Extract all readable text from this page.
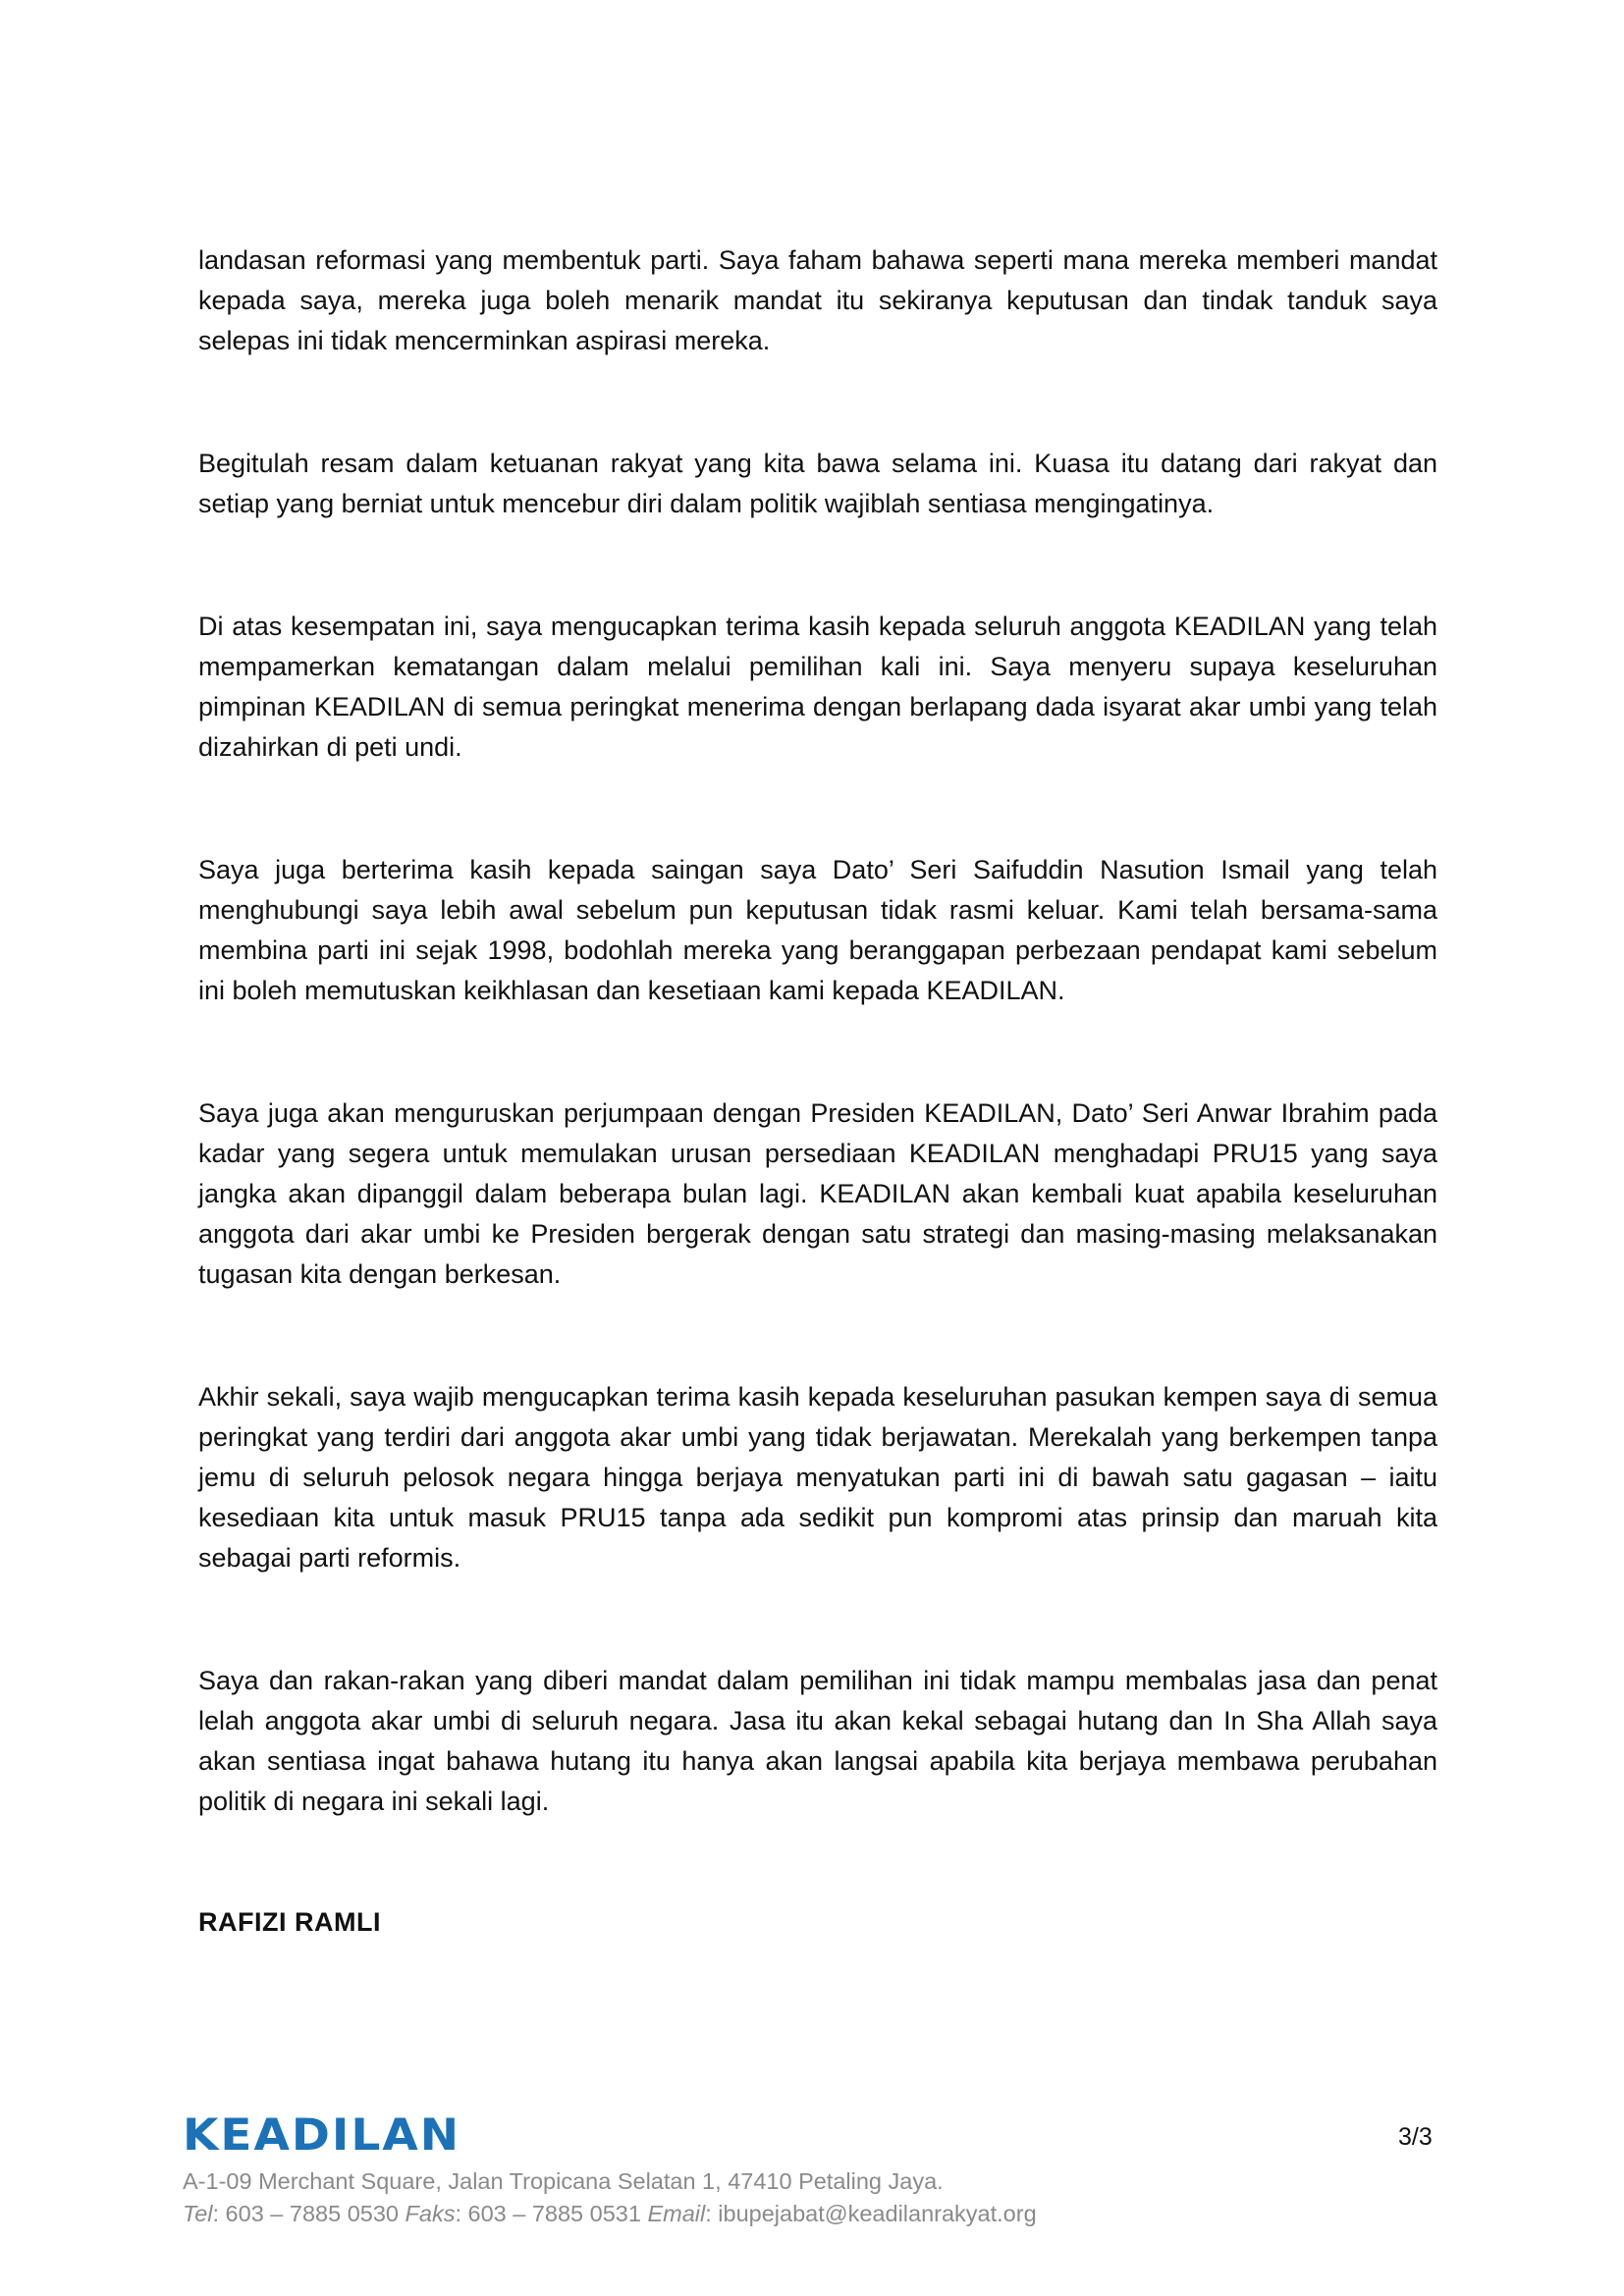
landasan reformasi yang membentuk parti. Saya faham bahawa seperti mana mereka memberi mandat kepada saya, mereka juga boleh menarik mandat itu sekiranya keputusan dan tindak tanduk saya selepas ini tidak mencerminkan aspirasi mereka.

Begitulah resam dalam ketuanan rakyat yang kita bawa selama ini. Kuasa itu datang dari rakyat dan setiap yang berniat untuk mencebur diri dalam politik wajiblah sentiasa mengingatinya.

Di atas kesempatan ini, saya mengucapkan terima kasih kepada seluruh anggota KEADILAN yang telah mempamerkan kematangan dalam melalui pemilihan kali ini. Saya menyeru supaya keseluruhan pimpinan KEADILAN di semua peringkat menerima dengan berlapang dada isyarat akar umbi yang telah dizahirkan di peti undi.

Saya juga berterima kasih kepada saingan saya Dato’ Seri Saifuddin Nasution Ismail yang telah menghubungi saya lebih awal sebelum pun keputusan tidak rasmi keluar. Kami telah bersama-sama membina parti ini sejak 1998, bodohlah mereka yang beranggapan perbezaan pendapat kami sebelum ini boleh memutuskan keikhlasan dan kesetiaan kami kepada KEADILAN.

Saya juga akan menguruskan perjumpaan dengan Presiden KEADILAN, Dato’ Seri Anwar Ibrahim pada kadar yang segera untuk memulakan urusan persediaan KEADILAN menghadapi PRU15 yang saya jangka akan dipanggil dalam beberapa bulan lagi. KEADILAN akan kembali kuat apabila keseluruhan anggota dari akar umbi ke Presiden bergerak dengan satu strategi dan masing-masing melaksanakan tugasan kita dengan berkesan.

Akhir sekali, saya wajib mengucapkan terima kasih kepada keseluruhan pasukan kempen saya di semua peringkat yang terdiri dari anggota akar umbi yang tidak berjawatan. Merekalah yang berkempen tanpa jemu di seluruh pelosok negara hingga berjaya menyatukan parti ini di bawah satu gagasan – iaitu kesediaan kita untuk masuk PRU15 tanpa ada sedikit pun kompromi atas prinsip dan maruah kita sebagai parti reformis.

Saya dan rakan-rakan yang diberi mandat dalam pemilihan ini tidak mampu membalas jasa dan penat lelah anggota akar umbi di seluruh negara. Jasa itu akan kekal sebagai hutang dan In Sha Allah saya akan sentiasa ingat bahawa hutang itu hanya akan langsai apabila kita berjaya membawa perubahan politik di negara ini sekali lagi.

RAFIZI RAMLI

KEADILAN
A-1-09 Merchant Square, Jalan Tropicana Selatan 1, 47410 Petaling Jaya.
Tel: 603 – 7885 0530 Faks: 603 – 7885 0531 Email: ibupejabat@keadilanrakyat.org
3/3
